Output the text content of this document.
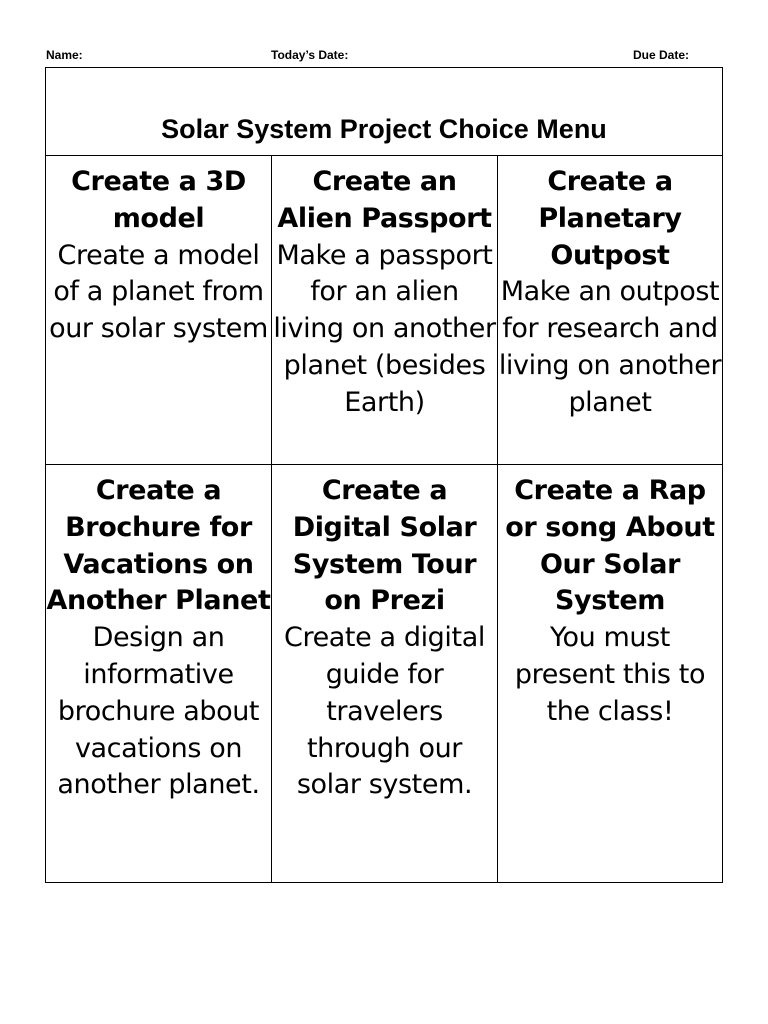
Name:	Today’s Date:	Due Date:
Solar System Project Choice Menu
Create a 3D model
Create a model of a planet from our solar system
Create an Alien Passport
Make a passport for an alien living on another planet (besides Earth)
Create a Planetary Outpost
Make an outpost for research and living on another planet
Create a Brochure for Vacations on Another Planet
Design an informative brochure about vacations on another planet.
Create a Digital Solar System Tour on Prezi
Create a digital guide for travelers through our solar system.
Create a Rap or song About Our Solar System
You must present this to the class!
